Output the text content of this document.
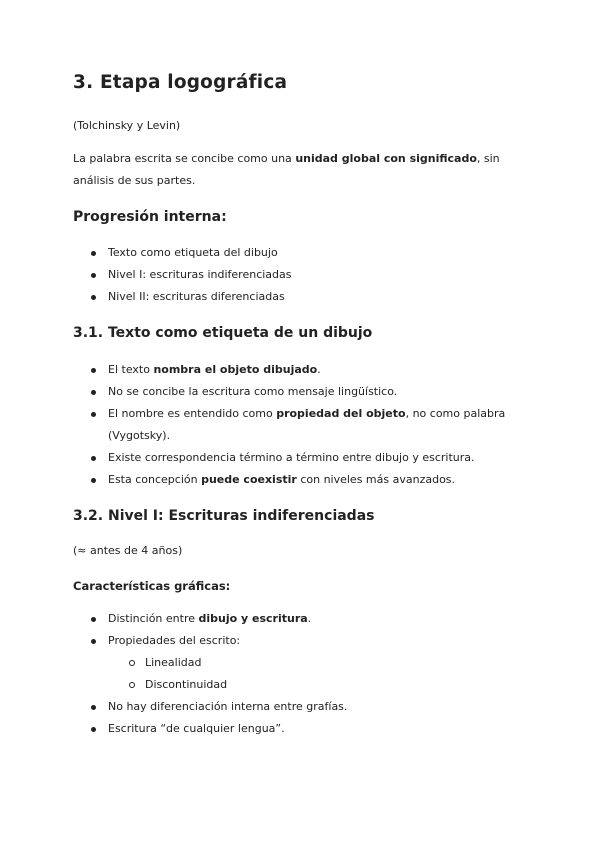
3. Etapa logográfica

(Tolchinsky y Levin)

La palabra escrita se concibe como una unidad global con significado, sin análisis de sus partes.

Progresión interna:
Texto como etiqueta del dibujo
Nivel I: escrituras indiferenciadas
Nivel II: escrituras diferenciadas
3.1. Texto como etiqueta de un dibujo
El texto nombra el objeto dibujado.
No se concibe la escritura como mensaje lingüístico.
El nombre es entendido como propiedad del objeto, no como palabra (Vygotsky).
Existe correspondencia término a término entre dibujo y escritura.
Esta concepción puede coexistir con niveles más avanzados.
3.2. Nivel I: Escrituras indiferenciadas

(≈ antes de 4 años)

Características gráficas:
Distinción entre dibujo y escritura.
Propiedades del escrito:
Linealidad
Discontinuidad
No hay diferenciación interna entre grafías.
Escritura “de cualquier lengua”.
